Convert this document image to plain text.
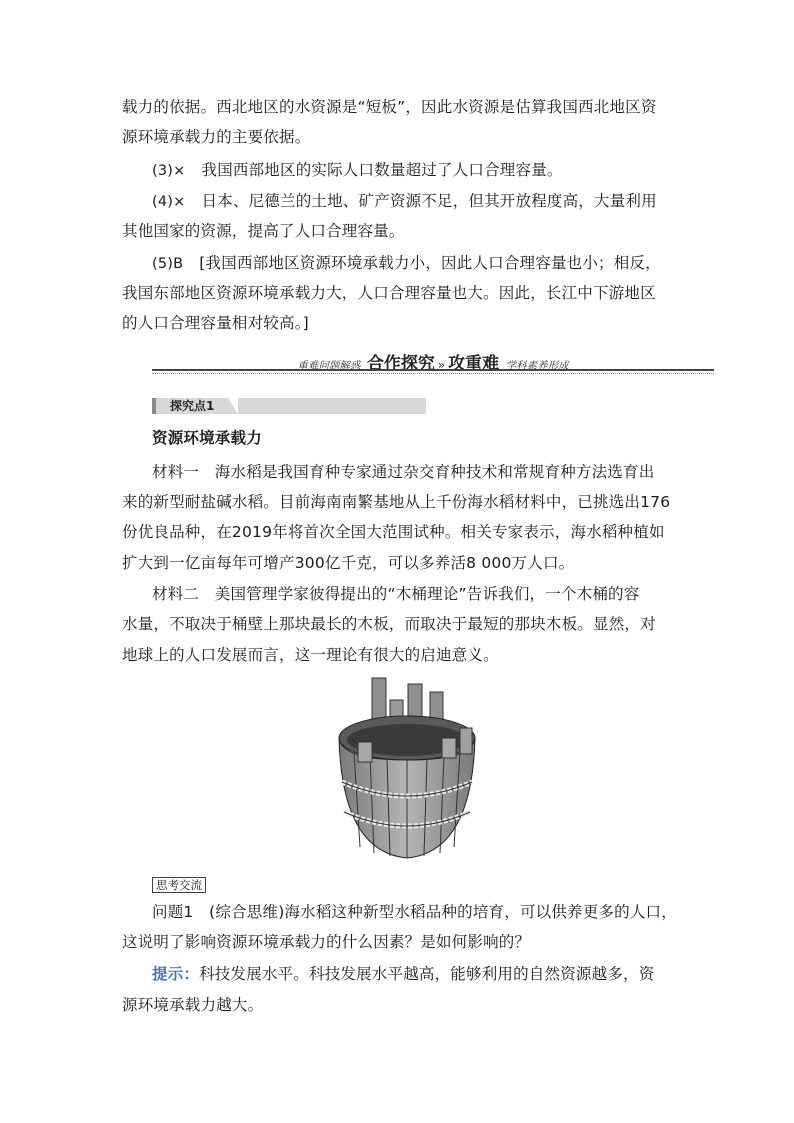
载力的依据。西北地区的水资源是“短板”，因此水资源是估算我国西北地区资
源环境承载力的主要依据。
(3)× 我国西部地区的实际人口数量超过了人口合理容量。
(4)× 日本、尼德兰的土地、矿产资源不足，但其开放程度高，大量利用
其他国家的资源，提高了人口合理容量。
(5)B [我国西部地区资源环境承载力小，因此人口合理容量也小；相反，
我国东部地区资源环境承载力大，人口合理容量也大。因此，长江中下游地区
的人口合理容量相对较高。]
重难问题解惑 合作探究 » 攻重难 学科素养形成
探究点1
资源环境承载力
材料一　海水稻是我国育种专家通过杂交育种技术和常规育种方法选育出
来的新型耐盐碱水稻。目前海南南繁基地从上千份海水稻材料中，已挑选出176
份优良品种，在2019年将首次全国大范围试种。相关专家表示，海水稻种植如
扩大到一亿亩每年可增产300亿千克，可以多养活8 000万人口。
材料二　美国管理学家彼得提出的“木桶理论”告诉我们，一个木桶的容
水量，不取决于桶壁上那块最长的木板，而取决于最短的那块木板。显然，对
地球上的人口发展而言，这一理论有很大的启迪意义。
思考交流
问题1　(综合思维)海水稻这种新型水稻品种的培育，可以供养更多的人口，
这说明了影响资源环境承载力的什么因素？是如何影响的？
提示：科技发展水平。科技发展水平越高，能够利用的自然资源越多，资
源环境承载力越大。
